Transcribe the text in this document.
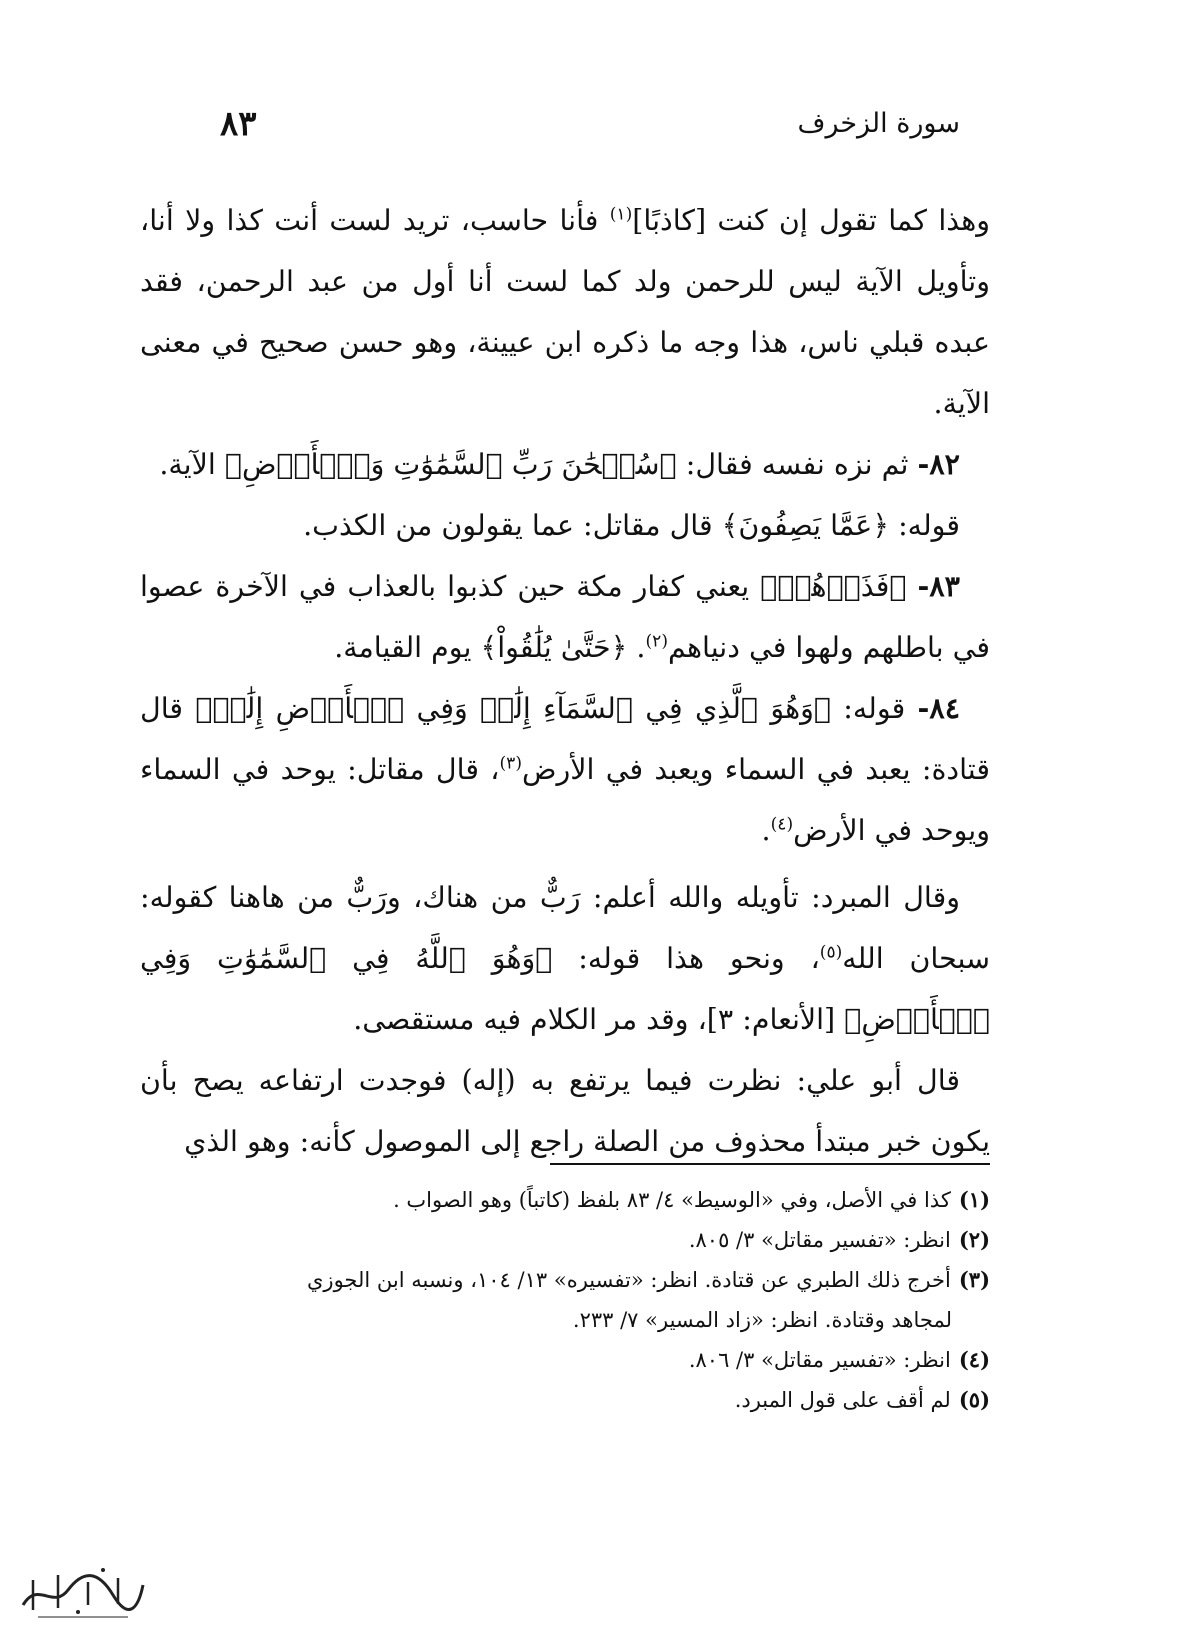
سورة الزخرف
٨٣

وهذا كما تقول إن كنت [كاذبًا]$^{(١)}$ فأنا حاسب، تريد لست أنت كذا ولا أنا، وتأويل الآية ليس للرحمن ولد كما لست أنا أول من عبد الرحمن، فقد عبده قبلي ناس، هذا وجه ما ذكره ابن عيينة، وهو حسن صحيح في معنى الآية.

٨٢- ثم نزه نفسه فقال: ﴿سُبۡحَٰنَ رَبِّ ٱلسَّمَٰوَٰتِ وَٱلۡأَرۡضِ﴾ الآية.

قوله: ﴿عَمَّا يَصِفُونَ﴾ قال مقاتل: عما يقولون من الكذب.

٨٣- ﴿فَذَرۡهُمۡ﴾ يعني كفار مكة حين كذبوا بالعذاب في الآخرة عصوا في باطلهم ولهوا في دنياهم$^{(٢)}$. ﴿حَتَّىٰ يُلَٰقُواْ﴾ يوم القيامة.

٨٤- قوله: ﴿وَهُوَ ٱلَّذِي فِي ٱلسَّمَآءِ إِلَٰهٞ وَفِي ٱلۡأَرۡضِ إِلَٰهٞ﴾ قال قتادة: يعبد في السماء ويعبد في الأرض$^{(٣)}$، قال مقاتل: يوحد في السماء ويوحد في الأرض$^{(٤)}$.

وقال المبرد: تأويله والله أعلم: رَبٌّ من هناك، ورَبٌّ من هاهنا كقوله: سبحان الله$^{(٥)}$، ونحو هذا قوله: ﴿وَهُوَ ٱللَّهُ فِي ٱلسَّمَٰوَٰتِ وَفِي ٱلۡأَرۡضِ﴾ [الأنعام: ٣]، وقد مر الكلام فيه مستقصى.

قال أبو علي: نظرت فيما يرتفع به (إله) فوجدت ارتفاعه يصح بأن يكون خبر مبتدأ محذوف من الصلة راجع إلى الموصول كأنه: وهو الذي

(١)كذا في الأصل، وفي «الوسيط» ٤/ ٨٣ بلفظ (كاتباً) وهو الصواب .

(٢)انظر: «تفسير مقاتل» ٣/ ٨٠٥.

(٣)أخرج ذلك الطبري عن قتادة. انظر: «تفسيره» ١٣/ ١٠٤، ونسبه ابن الجوزي
لمجاهد وقتادة. انظر: «زاد المسير» ٧/ ٢٣٣.

(٤)انظر: «تفسير مقاتل» ٣/ ٨٠٦.

(٥)لم أقف على قول المبرد.
